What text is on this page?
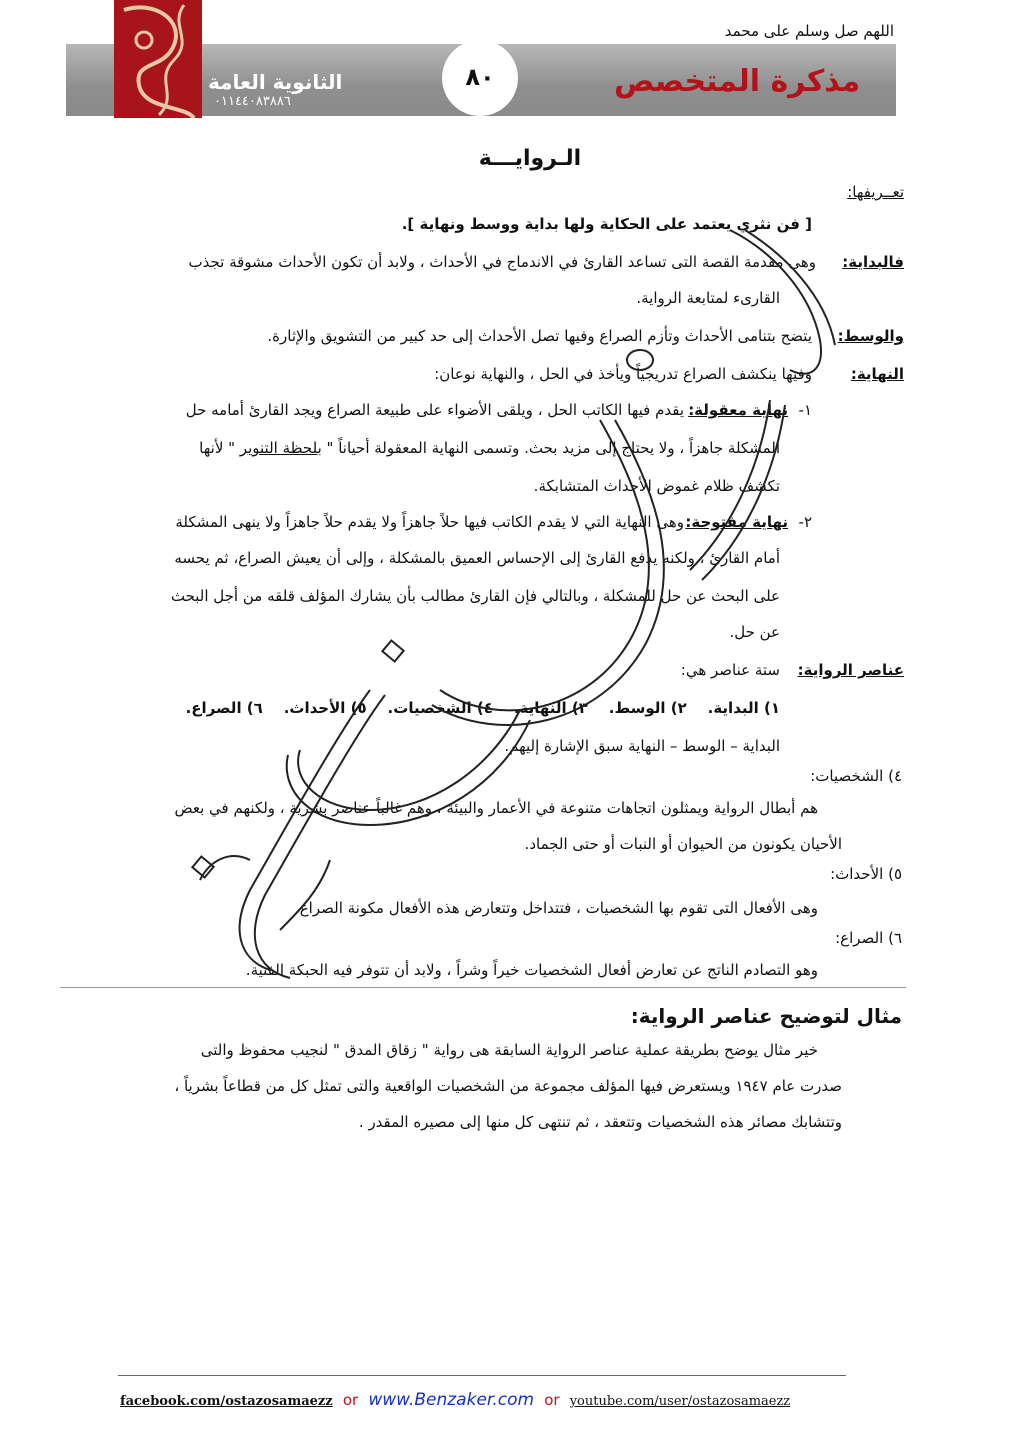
اللهم صل وسلم على محمد
الثانوية العامة
٠١١٤٤٠٨٣٨٨٦
٨٠	مذكرة المتخصص
الـروايـــة
تعــريفها:
[ فن نثري يعتمد على الحكاية ولها بداية ووسط ونهاية ].
فالبداية:
وهى مقدمة القصة التى تساعد القارئ في الاندماج في الأحداث ، ولابد أن تكون الأحداث مشوقة تجذب
القارىء لمتابعة الرواية.
والوسط:
يتضح بتنامى الأحداث وتأزم الصراع وفيها تصل الأحداث إلى حد كبير من التشويق والإثارة.
النهاية:
وفيها ينكشف الصراع تدريجياً ويأخذ في الحل ، والنهاية نوعان:
١-
نهاية معقولة:
يقدم فيها الكاتب الحل ، ويلقى الأضواء على طبيعة الصراع ويجد القارئ أمامه حل
المشكلة جاهزاً ، ولا يحتاج إلى مزيد بحث. وتسمى النهاية المعقولة أحياناً " بلحظة التنوير " لأنها
تكشف ظلام غموض الأحداث المتشابكة.
٢-
نهاية مفتوحة:
وهى النهاية التي لا يقدم الكاتب فيها حلاً جاهزاً ولا يقدم حلاً جاهزاً ولا ينهى المشكلة
أمام القارئ ، ولكنه يدفع القارئ إلى الإحساس العميق بالمشكلة ، وإلى أن يعيش الصراع، ثم يحسه
على البحث عن حل للمشكلة ، وبالتالي فإن القارئ مطالب بأن يشارك المؤلف قلقه من أجل البحث
عن حل.
عناصر الرواية:
ستة عناصر هي:
١) البداية.    ٢) الوسط.    ٣) النهاية.    ٤) الشخصيات.    ٥) الأحداث.    ٦) الصراع.
البداية – الوسط – النهاية سبق الإشارة إليهم.
٤) الشخصيات:
هم أبطال الرواية ويمثلون اتجاهات متنوعة في الأعمار والبيئة ، وهم غالباً عناصر بشرية ، ولكنهم في بعض
الأحيان يكونون من الحيوان أو النبات أو حتى الجماد.
٥) الأحداث:
وهى الأفعال التى تقوم بها الشخصيات ، فتتداخل وتتعارض هذه الأفعال مكونة الصراع.
٦) الصراع:
وهو التصادم الناتج عن تعارض أفعال الشخصيات خيراً وشراً ، ولابد أن تتوفر فيه الحبكة الفنية.
مثال لتوضيح عناصر الرواية:
خير مثال يوضح بطريقة عملية عناصر الرواية السابقة هى رواية " زقاق المدق " لنجيب محفوظ والتى
صدرت عام ١٩٤٧ ويستعرض فيها المؤلف مجموعة من الشخصيات الواقعية والتى تمثل كل من قطاعاً بشرياً ،
وتتشابك مصائر هذه الشخصيات وتتعقد ، ثم تنتهى كل منها إلى مصيره المقدر .
facebook.com/ostazosamaezz or www.Benzaker.com or youtube.com/user/ostazosamaezz
